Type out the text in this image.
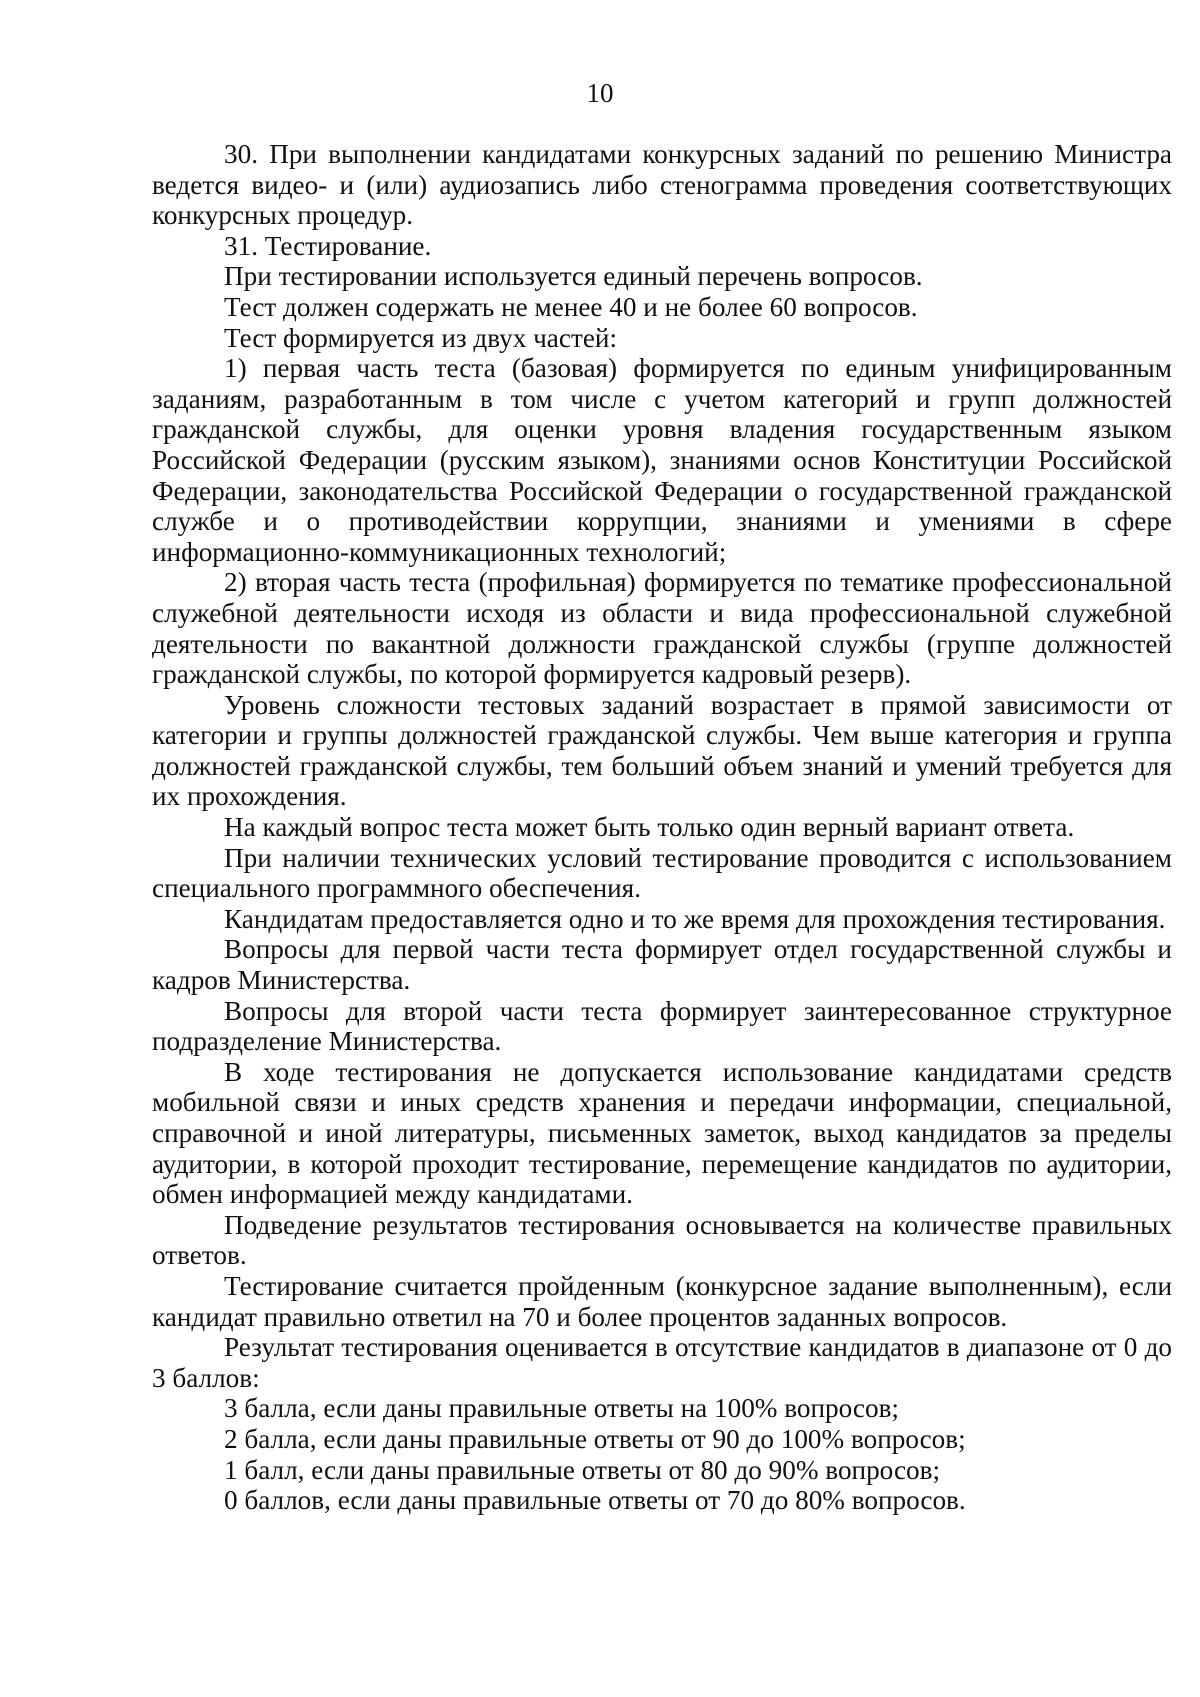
10

30. При выполнении кандидатами конкурсных заданий по решению Министра ведется видео- и (или) аудиозапись либо стенограмма проведения соответствующих конкурсных процедур.

31. Тестирование.

При тестировании используется единый перечень вопросов.

Тест должен содержать не менее 40 и не более 60 вопросов.

Тест формируется из двух частей:

1) первая часть теста (базовая) формируется по единым унифицированным заданиям, разработанным в том числе с учетом категорий и групп должностей гражданской службы, для оценки уровня владения государственным языком Российской Федерации (русским языком), знаниями основ Конституции Российской Федерации, законодательства Российской Федерации о государственной гражданской службе и о противодействии коррупции, знаниями и умениями в сфере информационно-коммуникационных технологий;

2) вторая часть теста (профильная) формируется по тематике профессиональной служебной деятельности исходя из области и вида профессиональной служебной деятельности по вакантной должности гражданской службы (группе должностей гражданской службы, по которой формируется кадровый резерв).

Уровень сложности тестовых заданий возрастает в прямой зависимости от категории и группы должностей гражданской службы. Чем выше категория и группа должностей гражданской службы, тем больший объем знаний и умений требуется для их прохождения.

На каждый вопрос теста может быть только один верный вариант ответа.

При наличии технических условий тестирование проводится с использованием специального программного обеспечения.

Кандидатам предоставляется одно и то же время для прохождения тестирования.

Вопросы для первой части теста формирует отдел государственной службы и кадров Министерства.

Вопросы для второй части теста формирует заинтересованное структурное подразделение Министерства.

В ходе тестирования не допускается использование кандидатами средств мобильной связи и иных средств хранения и передачи информации, специальной, справочной и иной литературы, письменных заметок, выход кандидатов за пределы аудитории, в которой проходит тестирование, перемещение кандидатов по аудитории, обмен информацией между кандидатами.

Подведение результатов тестирования основывается на количестве правильных ответов.

Тестирование считается пройденным (конкурсное задание выполненным), если кандидат правильно ответил на 70 и более процентов заданных вопросов.

Результат тестирования оценивается в отсутствие кандидатов в диапазоне от 0 до 3 баллов:

3 балла, если даны правильные ответы на 100% вопросов;

2 балла, если даны правильные ответы от 90 до 100% вопросов;

1 балл, если даны правильные ответы от 80 до 90% вопросов;

0 баллов, если даны правильные ответы от 70 до 80% вопросов.
